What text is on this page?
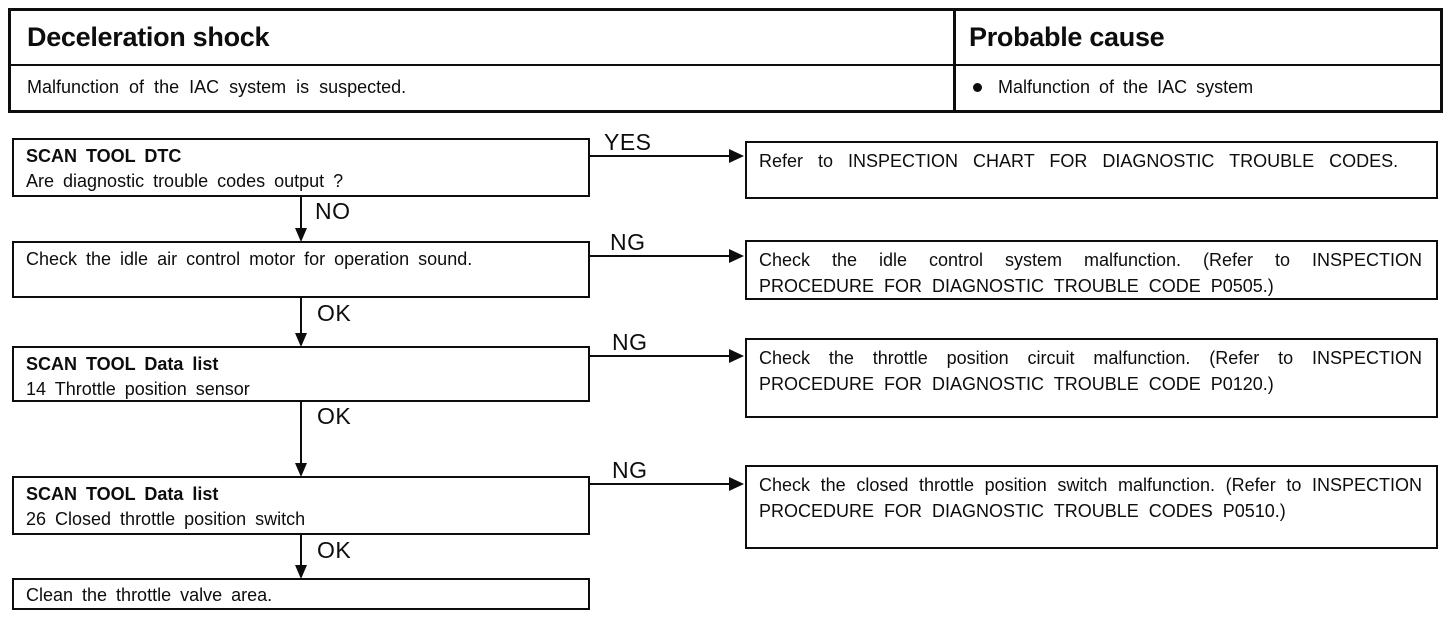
Deceleration shock	Probable cause
Malfunction of the IAC system is suspected.	Malfunction of the IAC system
SCAN TOOL DTC
Are diagnostic trouble codes output ?
YES
Refer to INSPECTION CHART FOR DIAGNOSTIC TROUBLE CODES.
NO
Check the idle air control motor for operation sound.
NG
Check the idle control system malfunction. (Refer to INSPECTION PROCEDURE FOR DIAGNOSTIC TROUBLE CODE P0505.)
OK
SCAN TOOL Data list
14 Throttle position sensor
NG
Check the throttle position circuit malfunction. (Refer to INSPECTION PROCEDURE FOR DIAGNOSTIC TROUBLE CODE P0120.)
OK
SCAN TOOL Data list
26 Closed throttle position switch
NG
Check the closed throttle position switch malfunction. (Refer to INSPECTION PROCEDURE FOR DIAGNOSTIC TROUBLE CODES P0510.)
OK
Clean the throttle valve area.
